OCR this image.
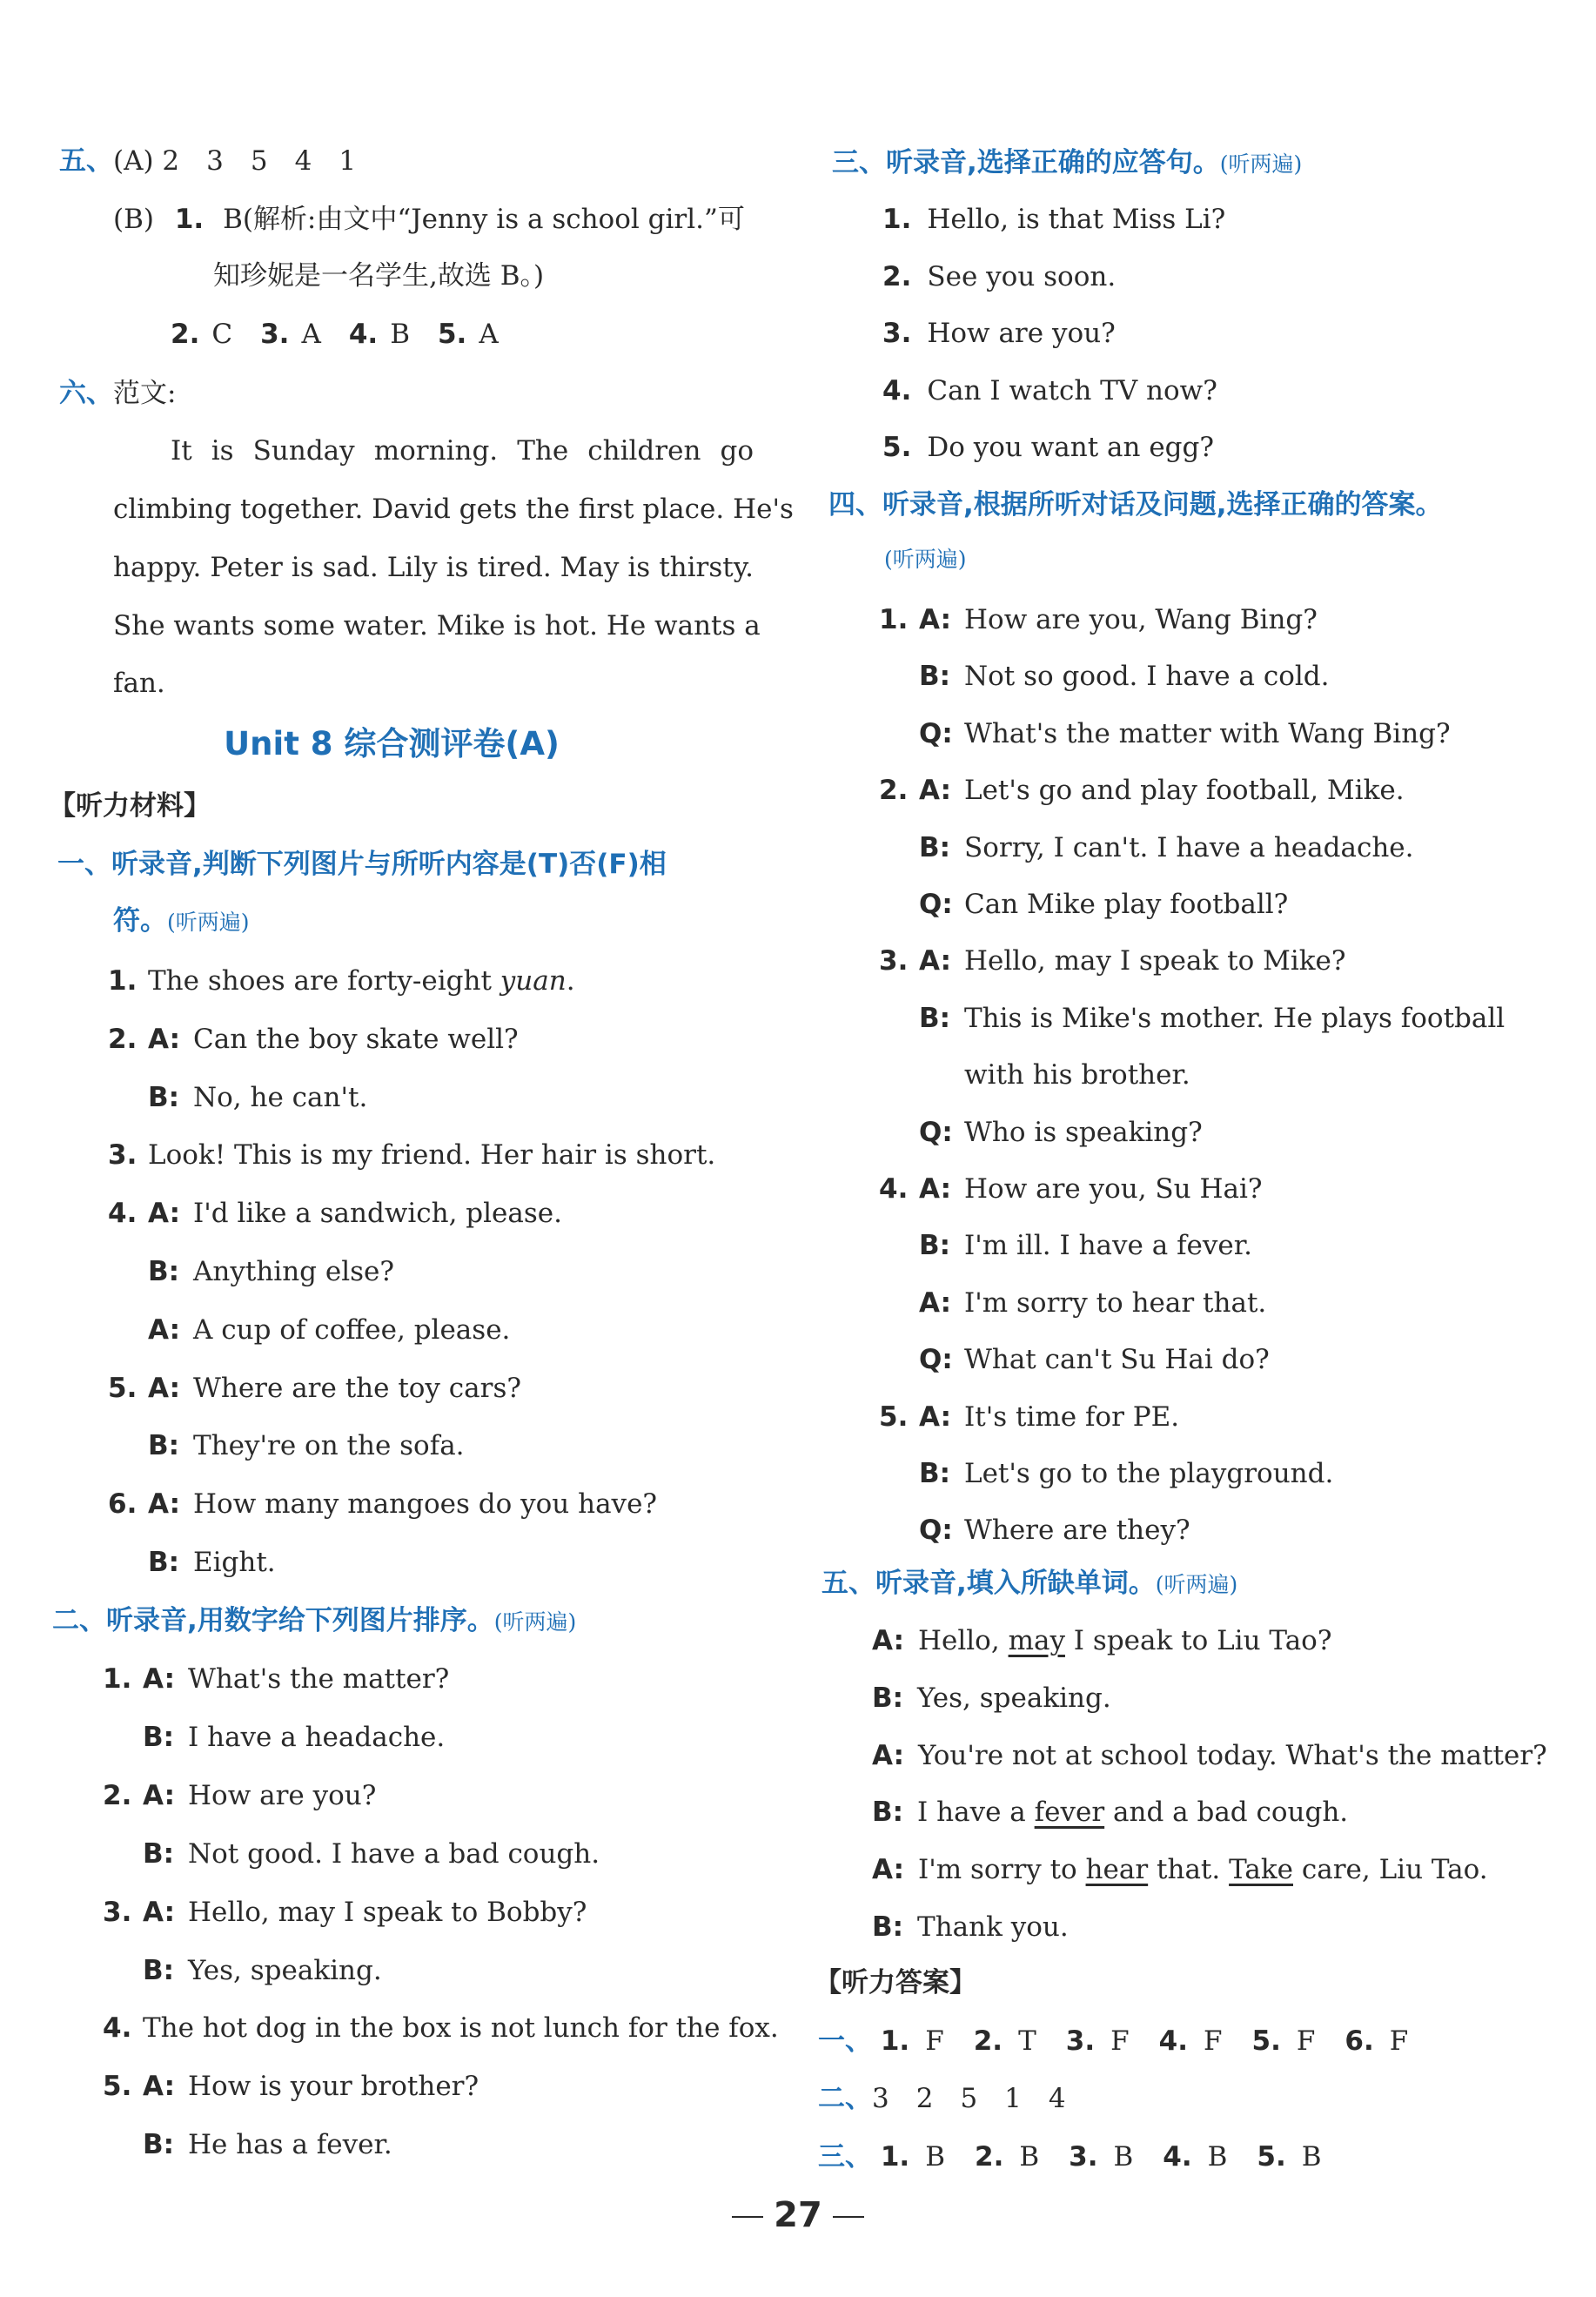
五、(A) 2　3　5　4　1
(B) 1. B(解析:由文中“Jenny is a school girl.”可
知珍妮是一名学生,故选 B。)
2. C 3. A 4. B 5. A
六、范文:
It is Sunday morning. The children go
climbing together. David gets the first place. He's
happy. Peter is sad. Lily is tired. May is thirsty.
She wants some water. Mike is hot. He wants a
fan.
Unit 8 综合测评卷(A)
【听力材料】
一、听录音,判断下列图片与所听内容是(T)否(F)相
符。(听两遍)
1. The shoes are forty-eight yuan.
2. A: Can the boy skate well?
B: No, he can't.
3. Look! This is my friend. Her hair is short.
4. A: I'd like a sandwich, please.
B: Anything else?
A: A cup of coffee, please.
5. A: Where are the toy cars?
B: They're on the sofa.
6. A: How many mangoes do you have?
B: Eight.
二、听录音,用数字给下列图片排序。(听两遍)
1. A: What's the matter?
B: I have a headache.
2. A: How are you?
B: Not good. I have a bad cough.
3. A: Hello, may I speak to Bobby?
B: Yes, speaking.
4. The hot dog in the box is not lunch for the fox.
5. A: How is your brother?
B: He has a fever.
三、听录音,选择正确的应答句。(听两遍)
1. Hello, is that Miss Li?
2. See you soon.
3. How are you?
4. Can I watch TV now?
5. Do you want an egg?
四、听录音,根据所听对话及问题,选择正确的答案。
(听两遍)
1. A: How are you, Wang Bing?
B: Not so good. I have a cold.
Q: What's the matter with Wang Bing?
2. A: Let's go and play football, Mike.
B: Sorry, I can't. I have a headache.
Q: Can Mike play football?
3. A: Hello, may I speak to Mike?
B: This is Mike's mother. He plays football
with his brother.
Q: Who is speaking?
4. A: How are you, Su Hai?
B: I'm ill. I have a fever.
A: I'm sorry to hear that.
Q: What can't Su Hai do?
5. A: It's time for PE.
B: Let's go to the playground.
Q: Where are they?
五、听录音,填入所缺单词。(听两遍)
A: Hello, may I speak to Liu Tao?
B: Yes, speaking.
A: You're not at school today. What's the matter?
B: I have a fever and a bad cough.
A: I'm sorry to hear that. Take care, Liu Tao.
B: Thank you.
【听力答案】
一、 1. F 2. T 3. F 4. F 5. F 6. F
二、3　2　5　1　4
三、 1. B 2. B 3. B 4. B 5. B
27
